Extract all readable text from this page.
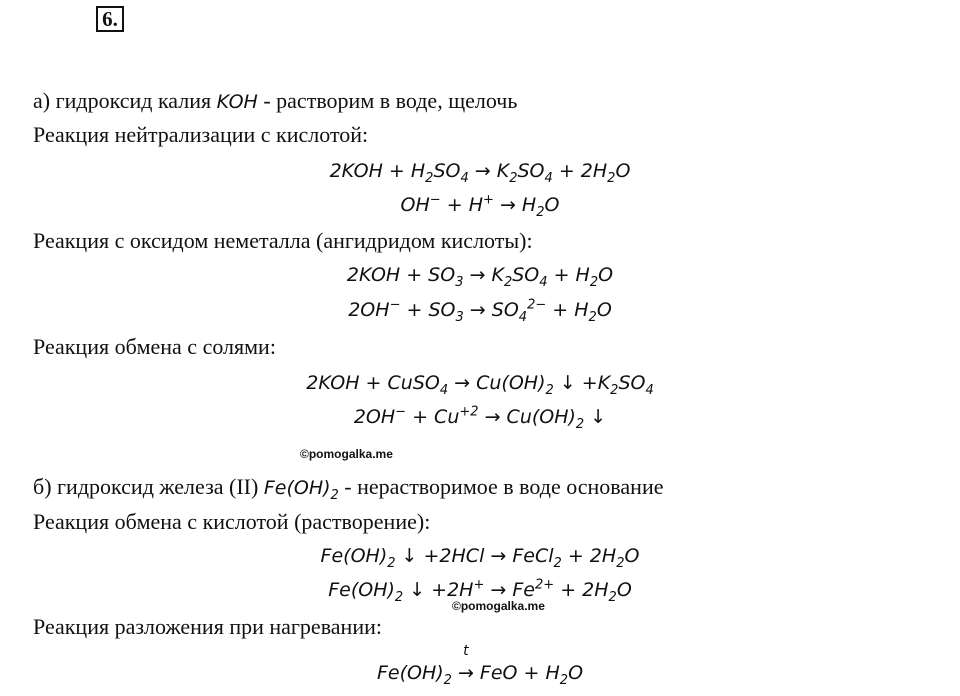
6.
а) гидроксид калия KOH - растворим в воде, щелочь
Реакция нейтрализации с кислотой:
$2KOH + H_2SO_4 \to K_2SO_4 + 2H_2O$
$OH^- + H^+ \to H_2O$
Реакция с оксидом неметалла (ангидридом кислоты):
$2KOH + SO_3 \to K_2SO_4 + H_2O$
$2OH^- + SO_3 \to SO_4^{2-} + H_2O$
Реакция обмена с солями:
2KOH + CuSO$_4$ → $Cu(OH)_2$ ↓ $+K_2SO_4$
$2OH^- + Cu^{+2} \to Cu(OH)_2$ ↓
©pomogalka.me
б) гидроксид железа (II) $Fe(OH)_2$ - нерастворимое в воде основание
Реакция обмена с кислотой (растворение):
$Fe(OH)_2$ ↓ +2HCl → FeCl$_2$ + $2H_2O$
$Fe(OH)_2$ ↓ $+2H^+ \to Fe^{2+} + 2H_2O$
©pomogalka.me
Реакция разложения при нагревании:
$Fe(OH)_2$
t
→ FeO + $H_2O$
